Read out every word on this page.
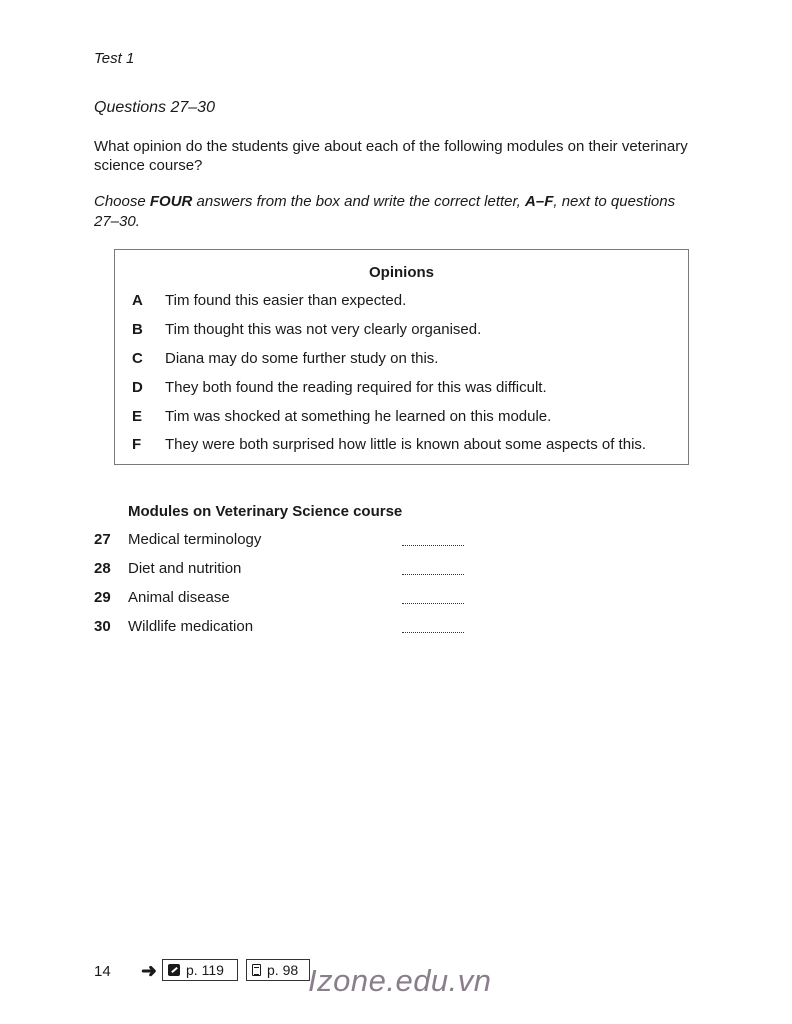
Test 1
Questions 27–30
What opinion do the students give about each of the following modules on their veterinary science course?
Choose FOUR answers from the box and write the correct letter, A–F, next to questions 27–30.
Opinions
A Tim found this easier than expected.
B Tim thought this was not very clearly organised.
C Diana may do some further study on this.
D They both found the reading required for this was difficult.
E Tim was shocked at something he learned on this module.
F They were both surprised how little is known about some aspects of this.
Modules on Veterinary Science course
27 Medical terminology
28 Diet and nutrition
29 Animal disease
30 Wildlife medication
14 ➜ p. 119	p. 98 Izone.edu.vn
